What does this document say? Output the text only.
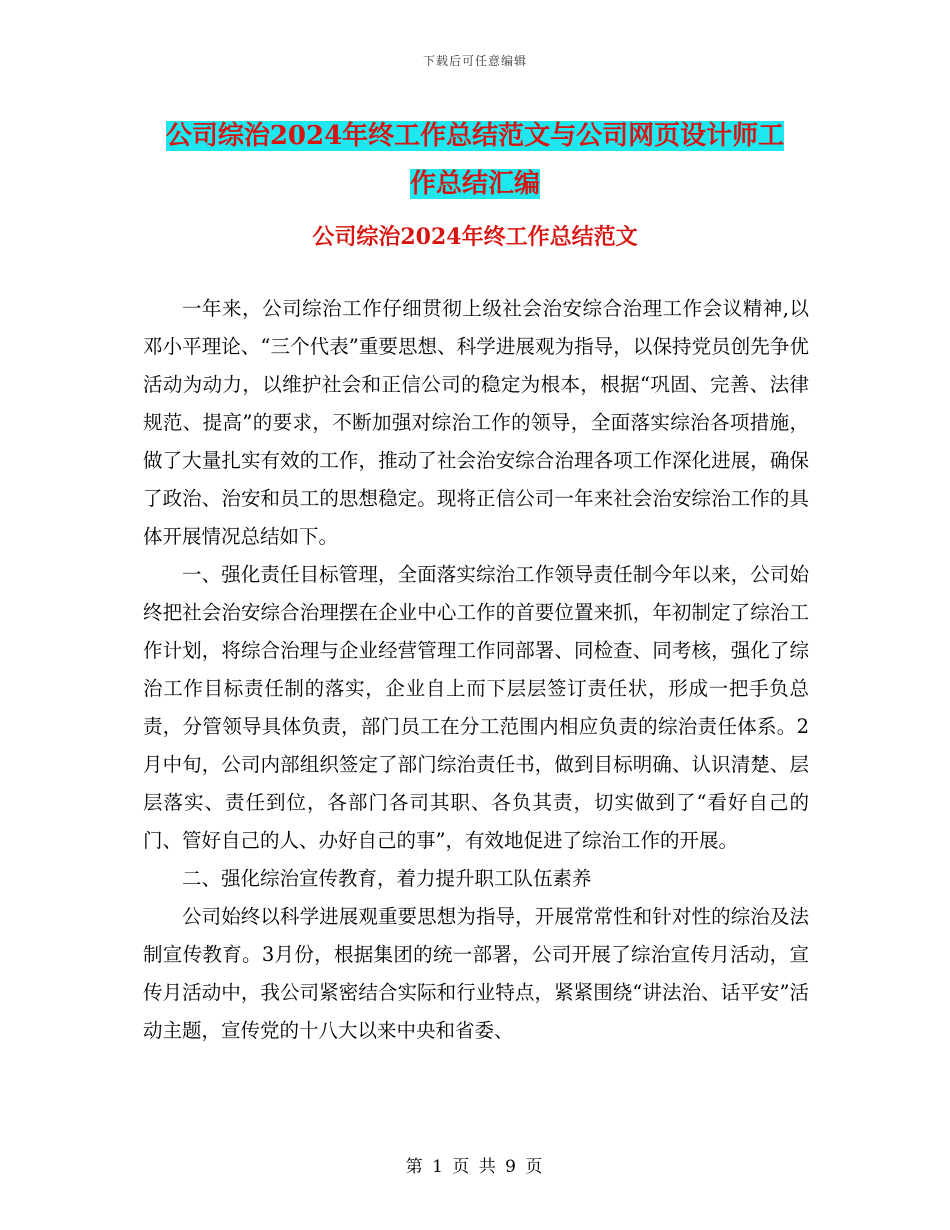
下载后可任意编辑
公司综治2024年终工作总结范文与公司网页设计师工
作总结汇编
公司综治2024年终工作总结范文

一年来，公司综治工作仔细贯彻上级社会治安综合治理工作会议精神,以邓小平理论、“三个代表”重要思想、科学进展观为指导，以保持党员创先争优活动为动力，以维护社会和正信公司的稳定为根本，根据“巩固、完善、法律规范、提高”的要求，不断加强对综治工作的领导，全面落实综治各项措施，做了大量扎实有效的工作，推动了社会治安综合治理各项工作深化进展，确保了政治、治安和员工的思想稳定。现将正信公司一年来社会治安综治工作的具体开展情况总结如下。

一、强化责任目标管理，全面落实综治工作领导责任制今年以来，公司始终把社会治安综合治理摆在企业中心工作的首要位置来抓，年初制定了综治工作计划，将综合治理与企业经营管理工作同部署、同检查、同考核，强化了综治工作目标责任制的落实，企业自上而下层层签订责任状，形成一把手负总责，分管领导具体负责，部门员工在分工范围内相应负责的综治责任体系。2月中旬，公司内部组织签定了部门综治责任书，做到目标明确、认识清楚、层层落实、责任到位，各部门各司其职、各负其责，切实做到了“看好自己的门、管好自己的人、办好自己的事”，有效地促进了综治工作的开展。

二、强化综治宣传教育，着力提升职工队伍素养

公司始终以科学进展观重要思想为指导，开展常常性和针对性的综治及法制宣传教育。3月份，根据集团的统一部署，公司开展了综治宣传月活动，宣传月活动中，我公司紧密结合实际和行业特点，紧紧围绕“讲法治、话平安”活动主题，宣传党的十八大以来中央和省委、

第 1 页 共 9 页
